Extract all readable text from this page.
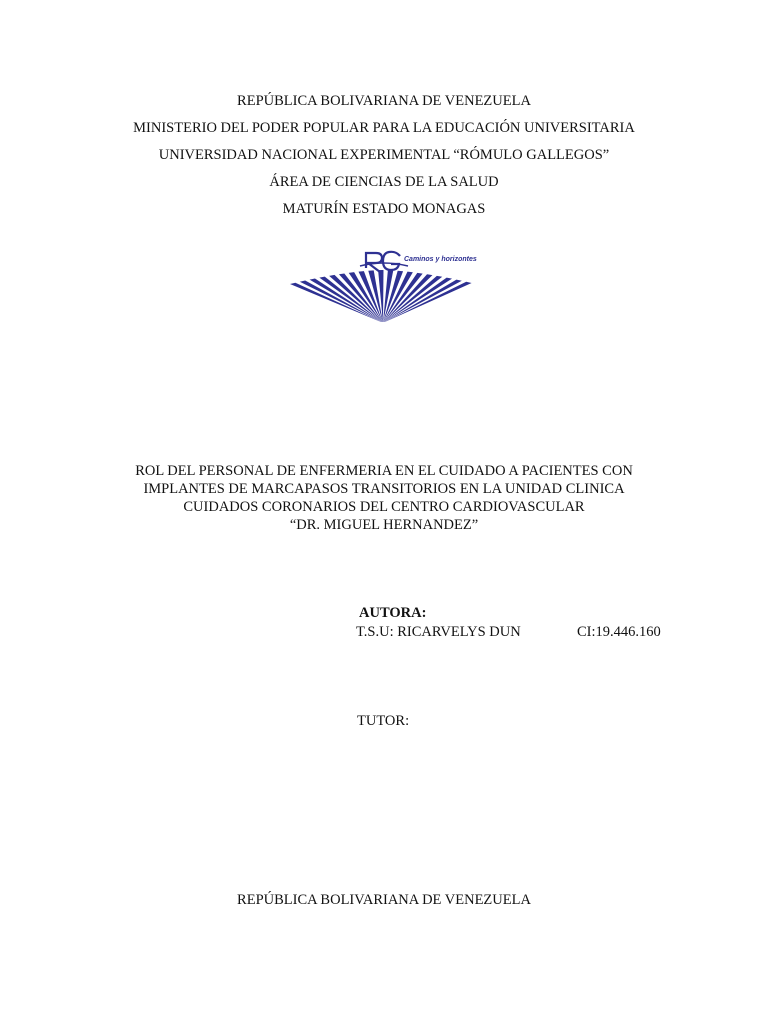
REPÚBLICA BOLIVARIANA DE VENEZUELA
MINISTERIO DEL PODER POPULAR PARA LA EDUCACIÓN UNIVERSITARIA
UNIVERSIDAD NACIONAL EXPERIMENTAL “RÓMULO GALLEGOS”
ÁREA DE CIENCIAS DE LA SALUD
MATURÍN ESTADO MONAGAS
Caminos y horizontes
ROL DEL PERSONAL DE ENFERMERIA EN EL CUIDADO A PACIENTES CON
IMPLANTES DE MARCAPASOS TRANSITORIOS EN LA UNIDAD CLINICA
CUIDADOS CORONARIOS DEL CENTRO CARDIOVASCULAR
“DR. MIGUEL HERNANDEZ”
AUTORA:
T.S.U: RICARVELYS DUN	CI:19.446.160
TUTOR:
REPÚBLICA BOLIVARIANA DE VENEZUELA
